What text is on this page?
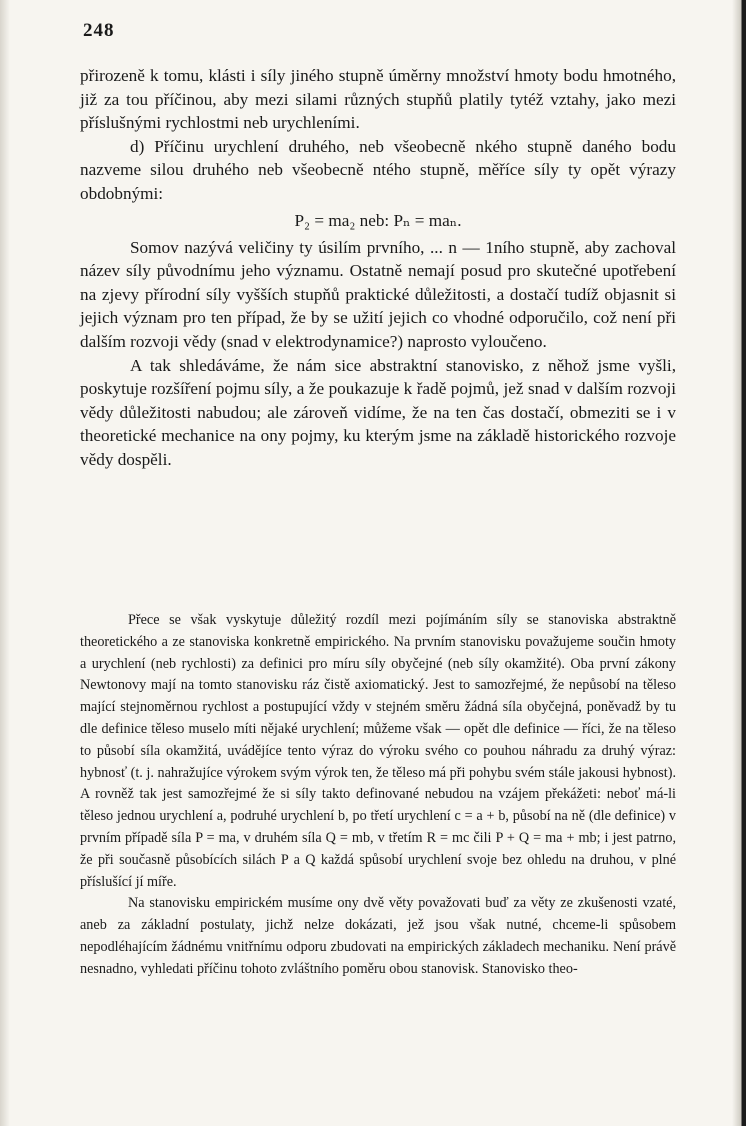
248

přirozeně k tomu, klásti i síly jiného stupně úměrny množství hmoty bodu hmotného, již za tou příčinou, aby mezi silami různých stupňů platily tytéž vztahy, jako mezi příslušnými rychlostmi neb urychleními.

d) Příčinu urychlení druhého, neb všeobecně nkého stupně daného bodu nazveme silou druhého neb všeobecně ntého stupně, měříce síly ty opět výrazy obdobnými:

P₂ = ma₂ neb: Pₙ = maₙ.

Somov nazývá veličiny ty úsilím prvního, ... n — 1ního stupně, aby zachoval název síly původnímu jeho významu. Ostatně nemají posud pro skutečné upotřebení na zjevy přírodní síly vyšších stupňů praktické důležitosti, a dostačí tudíž objasnit si jejich význam pro ten případ, že by se užití jejich co vhodné odporučilo, což není při dalším rozvoji vědy (snad v elektrodynamice?) naprosto vyloučeno.

A tak shledáváme, že nám sice abstraktní stanovisko, z něhož jsme vyšli, poskytuje rozšíření pojmu síly, a že poukazuje k řadě pojmů, jež snad v dalším rozvoji vědy důležitosti nabudou; ale zároveň vidíme, že na ten čas dostačí, obmeziti se i v theoretické mechanice na ony pojmy, ku kterým jsme na základě historického rozvoje vědy dospěli.

Přece se však vyskytuje důležitý rozdíl mezi pojímáním síly se stanoviska abstraktně theoretického a ze stanoviska konkretně empirického. Na prvním stanovisku považujeme součin hmoty a urychlení (neb rychlosti) za definici pro míru síly obyčejné (neb síly okamžité). Oba první zákony Newtonovy mají na tomto stanovisku ráz čistě axiomatický. Jest to samozřejmé, že nepůsobí na těleso mající stejnoměrnou rychlost a postupující vždy v stejném směru žádná síla obyčejná, poněvadž by tu dle definice těleso muselo míti nějaké urychlení; můžeme však — opět dle definice — říci, že na těleso to působí síla okamžitá, uvádějíce tento výraz do výroku svého co pouhou náhradu za druhý výraz: hybnosť (t. j. nahražujíce výrokem svým výrok ten, že těleso má při pohybu svém stále jakousi hybnost). A rovněž tak jest samozřejmé že si síly takto definované nebudou na vzájem překážeti: neboť má-li těleso jednou urychlení a, podruhé urychlení b, po třetí urychlení c = a + b, působí na ně (dle definice) v prvním případě síla P = ma, v druhém síla Q = mb, v třetím R = mc čili P + Q = ma + mb; i jest patrno, že při současně působících silách P a Q každá spůsobí urychlení svoje bez ohledu na druhou, v plné příslušící jí míře.

Na stanovisku empirickém musíme ony dvě věty považovati buď za věty ze zkušenosti vzaté, aneb za základní postulaty, jichž nelze dokázati, jež jsou však nutné, chceme-li spůsobem nepodléhajícím žádnému vnitřnímu odporu zbudovati na empirických základech mechaniku. Není právě nesnadno, vyhledati příčinu tohoto zvláštního poměru obou stanovisk. Stanovisko theo-
